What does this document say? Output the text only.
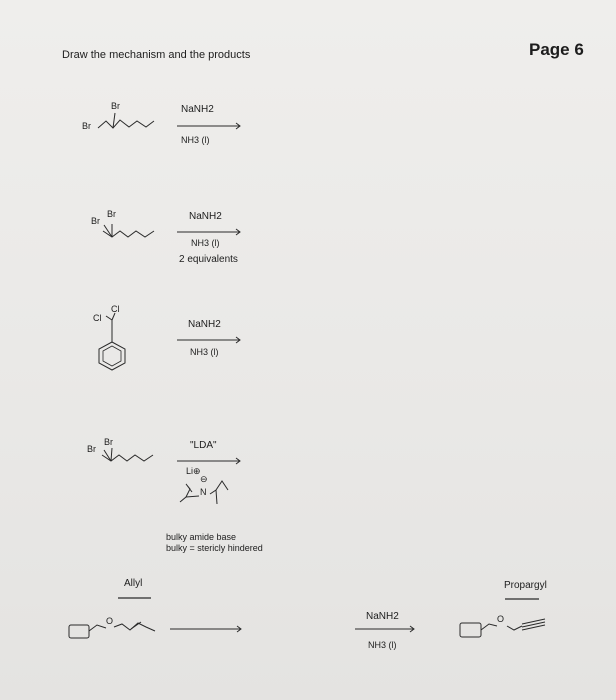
Draw the mechanism and the products	Page 6
Br
Br	NaNH2
NH3 (l)
Br
Br	NaNH2
NH3 (l)
2 equivalents
Cl
Cl
NaNH2
NH3 (l)
Br
Br	"LDA"
Li⊕
⊖
N
bulky amide base
bulky = stericly hindered
Allyl
O	NaNH2
NH3 (l)
Propargyl
O
